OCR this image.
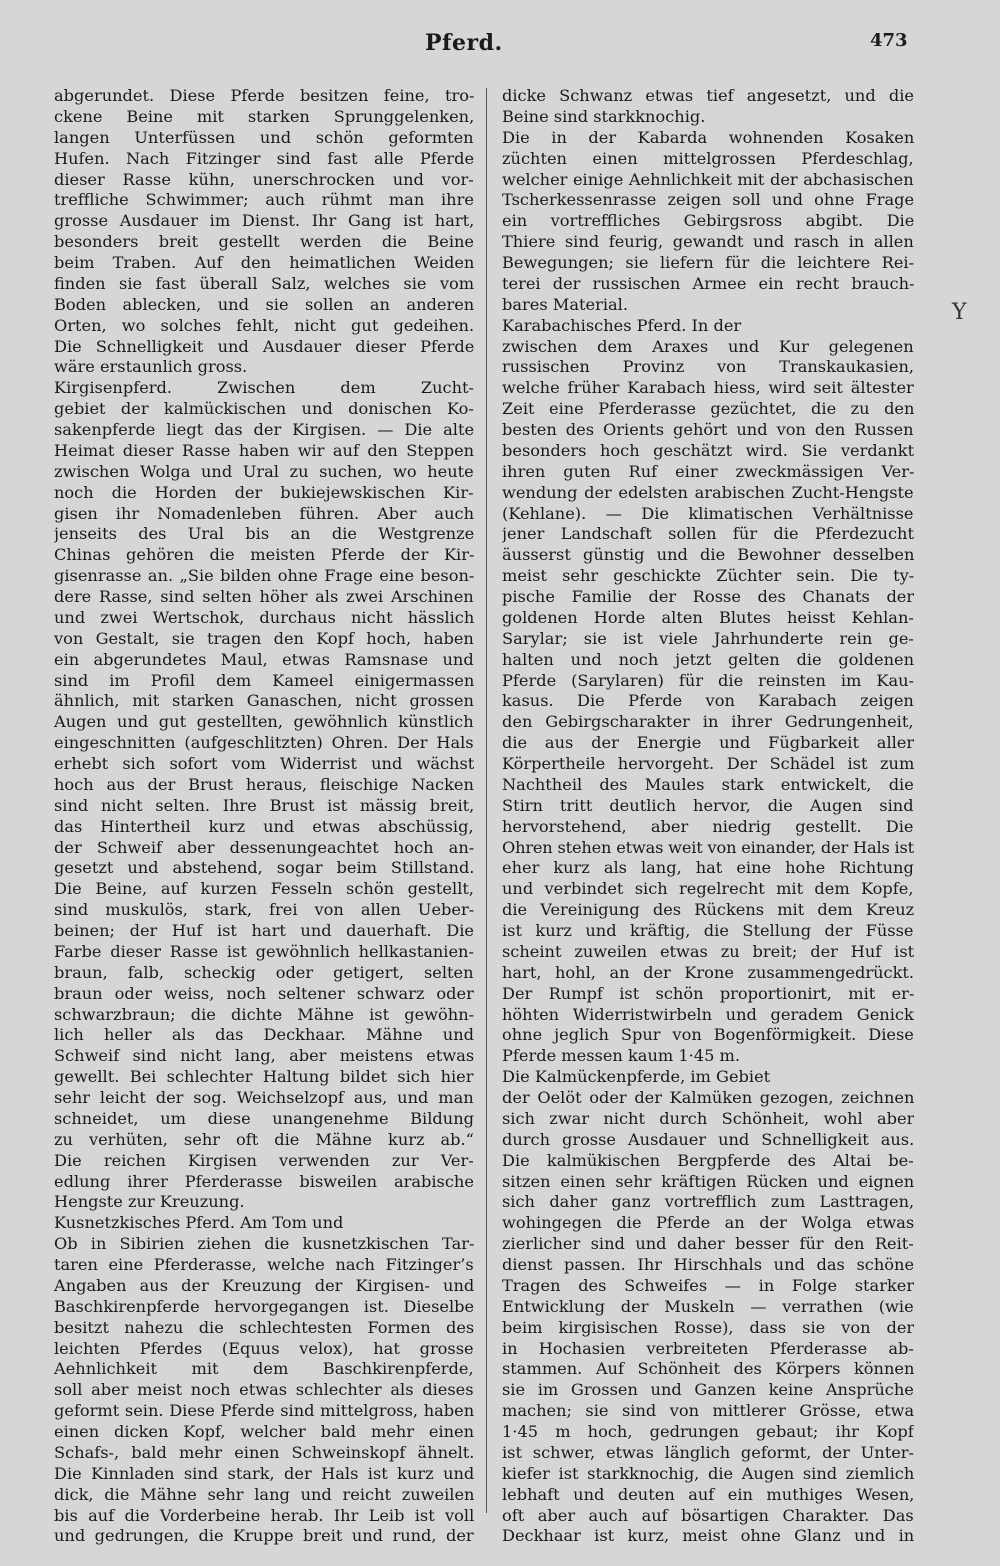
Pferd.	473
Y
abgerundet. Diese Pferde besitzen feine, tro-
ckene Beine mit starken Sprunggelenken,
langen Unterfüssen und schön geformten
Hufen. Nach Fitzinger sind fast alle Pferde
dieser Rasse kühn, unerschrocken und vor-
treffliche Schwimmer; auch rühmt man ihre
grosse Ausdauer im Dienst. Ihr Gang ist hart,
besonders breit gestellt werden die Beine
beim Traben. Auf den heimatlichen Weiden
finden sie fast überall Salz, welches sie vom
Boden ablecken, und sie sollen an anderen
Orten, wo solches fehlt, nicht gut gedeihen.
Die Schnelligkeit und Ausdauer dieser Pferde
wäre erstaunlich gross.
Kirgisenpferd. Zwischen dem Zucht-
gebiet der kalmückischen und donischen Ko-
sakenpferde liegt das der Kirgisen. — Die alte
Heimat dieser Rasse haben wir auf den Steppen
zwischen Wolga und Ural zu suchen, wo heute
noch die Horden der bukiejewskischen Kir-
gisen ihr Nomadenleben führen. Aber auch
jenseits des Ural bis an die Westgrenze
Chinas gehören die meisten Pferde der Kir-
gisenrasse an. „Sie bilden ohne Frage eine beson-
dere Rasse, sind selten höher als zwei Arschinen
und zwei Wertschok, durchaus nicht hässlich
von Gestalt, sie tragen den Kopf hoch, haben
ein abgerundetes Maul, etwas Ramsnase und
sind im Profil dem Kameel einigermassen
ähnlich, mit starken Ganaschen, nicht grossen
Augen und gut gestellten, gewöhnlich künstlich
eingeschnitten (aufgeschlitzten) Ohren. Der Hals
erhebt sich sofort vom Widerrist und wächst
hoch aus der Brust heraus, fleischige Nacken
sind nicht selten. Ihre Brust ist mässig breit,
das Hintertheil kurz und etwas abschüssig,
der Schweif aber dessenungeachtet hoch an-
gesetzt und abstehend, sogar beim Stillstand.
Die Beine, auf kurzen Fesseln schön gestellt,
sind muskulös, stark, frei von allen Ueber-
beinen; der Huf ist hart und dauerhaft. Die
Farbe dieser Rasse ist gewöhnlich hellkastanien-
braun, falb, scheckig oder getigert, selten
braun oder weiss, noch seltener schwarz oder
schwarzbraun; die dichte Mähne ist gewöhn-
lich heller als das Deckhaar. Mähne und
Schweif sind nicht lang, aber meistens etwas
gewellt. Bei schlechter Haltung bildet sich hier
sehr leicht der sog. Weichselzopf aus, und man
schneidet, um diese unangenehme Bildung
zu verhüten, sehr oft die Mähne kurz ab.“
Die reichen Kirgisen verwenden zur Ver-
edlung ihrer Pferderasse bisweilen arabische
Hengste zur Kreuzung.
Kusnetzkisches Pferd. Am Tom und
Ob in Sibirien ziehen die kusnetzkischen Tar-
taren eine Pferderasse, welche nach Fitzinger’s
Angaben aus der Kreuzung der Kirgisen- und
Baschkirenpferde hervorgegangen ist. Dieselbe
besitzt nahezu die schlechtesten Formen des
leichten Pferdes (Equus velox), hat grosse
Aehnlichkeit mit dem Baschkirenpferde,
soll aber meist noch etwas schlechter als dieses
geformt sein. Diese Pferde sind mittelgross, haben
einen dicken Kopf, welcher bald mehr einen
Schafs-, bald mehr einen Schweinskopf ähnelt.
Die Kinnladen sind stark, der Hals ist kurz und
dick, die Mähne sehr lang und reicht zuweilen
bis auf die Vorderbeine herab. Ihr Leib ist voll
und gedrungen, die Kruppe breit und rund, der
dicke Schwanz etwas tief angesetzt, und die
Beine sind starkknochig.
Die in der Kabarda wohnenden Kosaken
züchten einen mittelgrossen Pferdeschlag,
welcher einige Aehnlichkeit mit der abchasischen
Tscherkessenrasse zeigen soll und ohne Frage
ein vortreffliches Gebirgsross abgibt. Die
Thiere sind feurig, gewandt und rasch in allen
Bewegungen; sie liefern für die leichtere Rei-
terei der russischen Armee ein recht brauch-
bares Material.
Karabachisches Pferd. In der
zwischen dem Araxes und Kur gelegenen
russischen Provinz von Transkaukasien,
welche früher Karabach hiess, wird seit ältester
Zeit eine Pferderasse gezüchtet, die zu den
besten des Orients gehört und von den Russen
besonders hoch geschätzt wird. Sie verdankt
ihren guten Ruf einer zweckmässigen Ver-
wendung der edelsten arabischen Zucht-Hengste
(Kehlane). — Die klimatischen Verhältnisse
jener Landschaft sollen für die Pferdezucht
äusserst günstig und die Bewohner desselben
meist sehr geschickte Züchter sein. Die ty-
pische Familie der Rosse des Chanats der
goldenen Horde alten Blutes heisst Kehlan-
Sarylar; sie ist viele Jahrhunderte rein ge-
halten und noch jetzt gelten die goldenen
Pferde (Sarylaren) für die reinsten im Kau-
kasus. Die Pferde von Karabach zeigen
den Gebirgscharakter in ihrer Gedrungenheit,
die aus der Energie und Fügbarkeit aller
Körpertheile hervorgeht. Der Schädel ist zum
Nachtheil des Maules stark entwickelt, die
Stirn tritt deutlich hervor, die Augen sind
hervorstehend, aber niedrig gestellt. Die
Ohren stehen etwas weit von einander, der Hals ist
eher kurz als lang, hat eine hohe Richtung
und verbindet sich regelrecht mit dem Kopfe,
die Vereinigung des Rückens mit dem Kreuz
ist kurz und kräftig, die Stellung der Füsse
scheint zuweilen etwas zu breit; der Huf ist
hart, hohl, an der Krone zusammengedrückt.
Der Rumpf ist schön proportionirt, mit er-
höhten Widerristwirbeln und geradem Genick
ohne jeglich Spur von Bogenförmigkeit. Diese
Pferde messen kaum 1·45 m.
Die Kalmückenpferde, im Gebiet
der Oelöt oder der Kalmüken gezogen, zeichnen
sich zwar nicht durch Schönheit, wohl aber
durch grosse Ausdauer und Schnelligkeit aus.
Die kalmükischen Bergpferde des Altai be-
sitzen einen sehr kräftigen Rücken und eignen
sich daher ganz vortrefflich zum Lasttragen,
wohingegen die Pferde an der Wolga etwas
zierlicher sind und daher besser für den Reit-
dienst passen. Ihr Hirschhals und das schöne
Tragen des Schweifes — in Folge starker
Entwicklung der Muskeln — verrathen (wie
beim kirgisischen Rosse), dass sie von der
in Hochasien verbreiteten Pferderasse ab-
stammen. Auf Schönheit des Körpers können
sie im Grossen und Ganzen keine Ansprüche
machen; sie sind von mittlerer Grösse, etwa
1·45 m hoch, gedrungen gebaut; ihr Kopf
ist schwer, etwas länglich geformt, der Unter-
kiefer ist starkknochig, die Augen sind ziemlich
lebhaft und deuten auf ein muthiges Wesen,
oft aber auch auf bösartigen Charakter. Das
Deckhaar ist kurz, meist ohne Glanz und in
